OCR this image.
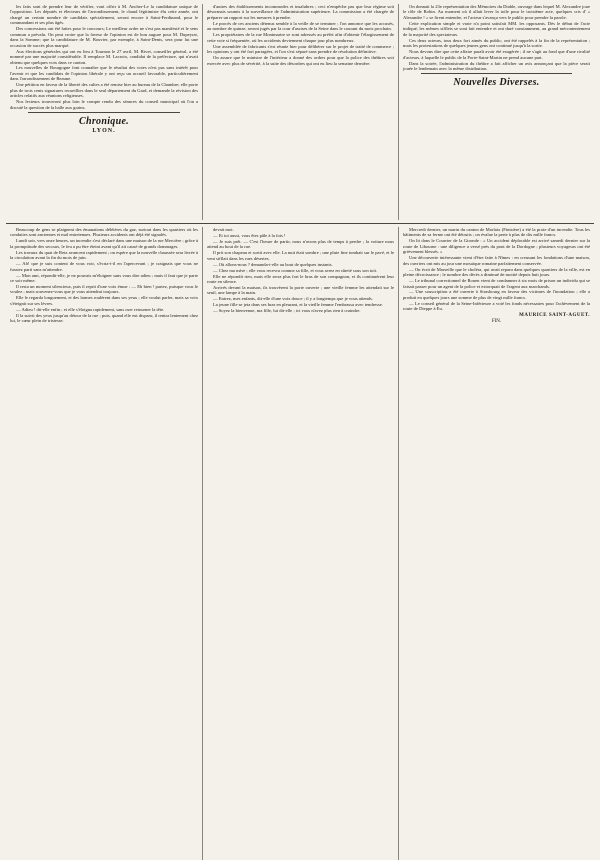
les faits sont de prendre leur de vérifier, vont offrir à M. Ancher-Le la candidature unique de l'opposition. Les députés et électeurs de l'arrondissement, le chaud légitimiste élu cette année, ont chargé un certain nombre de candidats spécialement, seront encore à Saint-Ferdinand, pour le commandant et ses plus âgés.

Des concessions ont été faites pour le concours; Le meilleur ordre ne s'est pas manifesté et le sens commun a prévalu. On peut croire que la faveur de l'opinion est de bon augure pour M. Dupeyrat, dans la Somme; que la candidature de M. Bouvier, par exemple, à Saint-Denis, sera pour lui une occasion de succès plus marqué.

Aux élections générales qui ont eu lieu à Tournon le 27 avril, M. Rivet, conseiller général, a été nommé par une majorité considérable. Il remplace M. Lacroix, candidat de la préfecture, qui n'avait obtenu que quelques voix dans ce canton.

Les nouvelles de Bourgogne font connaître que le résultat des votes n'est pas sans intérêt pour l'avenir et que les candidats de l'opinion libérale y ont reçu un accueil favorable, particulièrement dans l'arrondissement de Beaune.

Une pétition en faveur de la liberté des cultes a été remise hier au bureau de la Chambre; elle porte plus de trois cents signatures recueillies dans le seul département du Gard, et demande la révision des articles relatifs aux réunions religieuses.

Nos lecteurs trouveront plus loin le compte rendu des séances du conseil municipal où l'on a discuté la question de la halle aux grains.

Chronique.
LYON.

d'autres des établissements incommodes et insalubres ; ceci n'empêche pas que leur régime soit désormais soumis à la surveillance de l'administration supérieure. La commission a été chargée de préparer un rapport sur les mesures à prendre.

Le procès de ces anciens détenus semble à la veille de se terminer ; l'on annonce que les accusés, au nombre de quinze, seront jugés par la cour d'assises de la Seine dans le courant du mois prochain.

Les propriétaires de la rue Montmartre se sont adressés au préfet afin d'obtenir l'élargissement de cette voie si fréquentée, où les accidents deviennent chaque jour plus nombreux.

Une assemblée de fabricants s'est réunie hier pour délibérer sur le projet de traité de commerce ; les opinions y ont été fort partagées, et l'on s'est séparé sans prendre de résolution définitive.

On assure que le ministre de l'intérieur a donné des ordres pour que la police des théâtres soit exercée avec plus de sévérité, à la suite des désordres qui ont eu lieu la semaine dernière.

On donnait la 23e représentation des Mémoires du Diable, ouvrage dans lequel M. Alexandre joue le rôle de Robin. Au moment où il allait lever la toile pour le troisième acte, quelques cris d' « Alexandre ! » se firent entendre, et l'acteur s'avança vers le public pour prendre la parole.

Cette explication simple et vraie n'a point satisfait MM. les opposants. Dès le début de l'acte indiqué, les mêmes sifflets se sont fait entendre et ont duré constamment, au grand mécontentement de la majorité des spectateurs.

Ces deux acteurs, tous deux fort aimés du public, ont été rappelés à la fin de la représentation ; mais les protestations de quelques jeunes gens ont continué jusqu'à la sortie.

Nous devons dire que cette affaire paraît avoir été exagérée ; il ne s'agit au fond que d'une rivalité d'acteurs, à laquelle le public de la Porte-Saint-Martin ne prend aucune part.

Dans la soirée, l'administration du théâtre a fait afficher un avis annonçant que la pièce serait jouée le lendemain avec la même distribution.

Nouvelles Diverses.

Beaucoup de gens se plaignent des émanations délétères du gaz, surtout dans les quartiers où les conduites sont anciennes et mal entretenues. Plusieurs accidents ont déjà été signalés.

Lundi soir, vers onze heures, un incendie s'est déclaré dans une maison de la rue Mercière ; grâce à la promptitude des secours, le feu a pu être éteint avant qu'il ait causé de grands dommages.

Les travaux du quai de Retz avancent rapidement ; on espère que la nouvelle chaussée sera livrée à la circulation avant la fin du mois de juin.

— Ah! que je suis content de vous voir, s'écria-t-il en l'apercevant ; je craignais que vous ne fussiez parti sans m'attendre.

— Mon ami, répondit-elle, je ne pouvais m'éloigner sans vous dire adieu ; mais il faut que je parte ce soir même.

Il resta un moment silencieux, puis il reprit d'une voix émue : — Eh bien ! partez, puisque vous le voulez ; mais souvenez-vous que je vous attendrai toujours.

Elle le regarda longuement, et des larmes roulèrent dans ses yeux ; elle voulut parler, mais sa voix s'éteignit sur ses lèvres.

— Adieu ! dit-elle enfin ; et elle s'éloigna rapidement, sans oser retourner la tête.

Il la suivit des yeux jusqu'au détour de la rue ; puis, quand elle eut disparu, il rentra lentement chez lui, le cœur plein de tristesse.

devait moi.

— Et toi aussi, vous êtes pâle à la fois !

— Je suis prêt. — C'est l'heure de partir, nous n'avons plus de temps à perdre ; la voiture nous attend au bout de la rue.

Il prit son chapeau et sortit avec elle. La nuit était sombre ; une pluie fine tombait sur le pavé, et le vent sifflait dans les rues désertes.

— Où allons-nous ? demanda-t-elle au bout de quelques instants.

— Chez ma mère ; elle vous recevra comme sa fille, et vous serez en sûreté sous son toit.

Elle ne répondit rien, mais elle serra plus fort le bras de son compagnon, et ils continuèrent leur route en silence.

Arrivés devant la maison, ils trouvèrent la porte ouverte ; une vieille femme les attendait sur le seuil, une lampe à la main.

— Entrez, mes enfants, dit-elle d'une voix douce ; il y a longtemps que je vous attends.

La jeune fille se jeta dans ses bras en pleurant, et la vieille femme l'embrassa avec tendresse.

— Soyez la bienvenue, ma fille, lui dit-elle ; ici vous n'avez plus rien à craindre.

Mercredi dernier, un marin du canton de Morlaix (Finistère) a été la proie d'un incendie. Tous les bâtiments de sa ferme ont été détruits ; on évalue la perte à plus de dix mille francs.

On lit dans le Courrier de la Gironde : « Un accident déplorable est arrivé samedi dernier sur la route de Libourne : une diligence a versé près du pont de la Dordogne ; plusieurs voyageurs ont été grièvement blessés. »

Une découverte intéressante vient d'être faite à Nîmes : en creusant les fondations d'une maison, des ouvriers ont mis au jour une mosaïque romaine parfaitement conservée.

— On écrit de Marseille que le choléra, qui avait reparu dans quelques quartiers de la ville, est en pleine décroissance ; le nombre des décès a diminué de moitié depuis huit jours.

— Le tribunal correctionnel de Rouen vient de condamner à six mois de prison un individu qui se faisait passer pour un agent de la police et extorquait de l'argent aux marchands.

— Une souscription a été ouverte à Strasbourg en faveur des victimes de l'inondation ; elle a produit en quelques jours une somme de plus de vingt mille francs.

— Le conseil général de la Seine-Inférieure a voté les fonds nécessaires pour l'achèvement de la route de Dieppe à Eu.

MAURICE SAINT-AGUET.
FIN.
